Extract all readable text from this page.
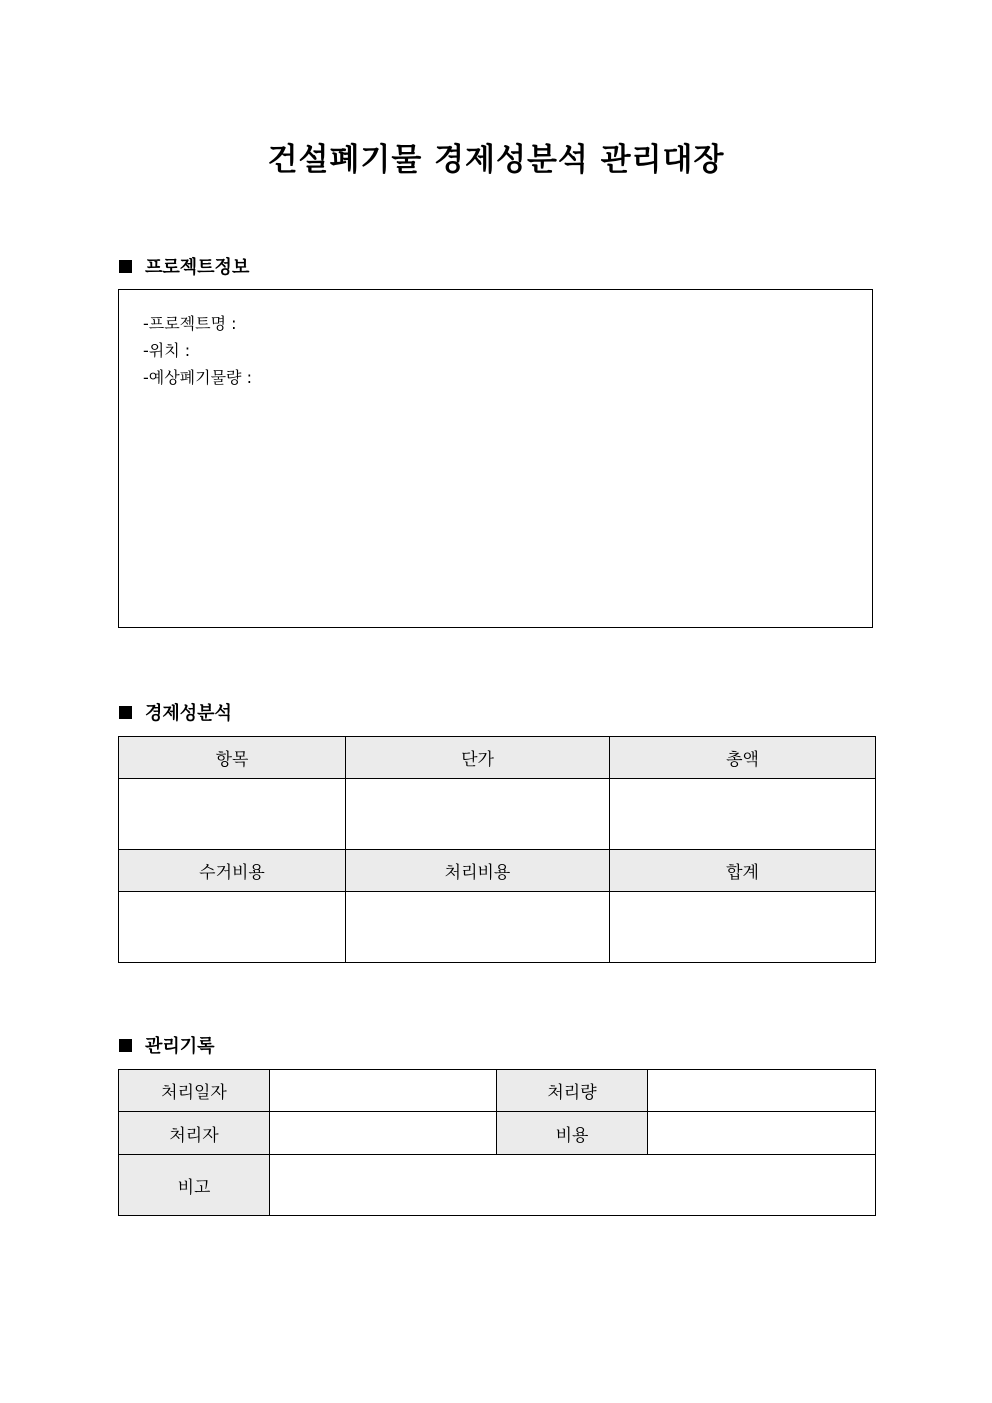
건설폐기물 경제성분석 관리대장
프로젝트정보
-프로젝트명 :
-위치 :
-예상폐기물량 :
경제성분석
항목	단가	총액

수거비용	처리비용	합계

관리기록
처리일자		처리량	
처리자		비용	
비고			
